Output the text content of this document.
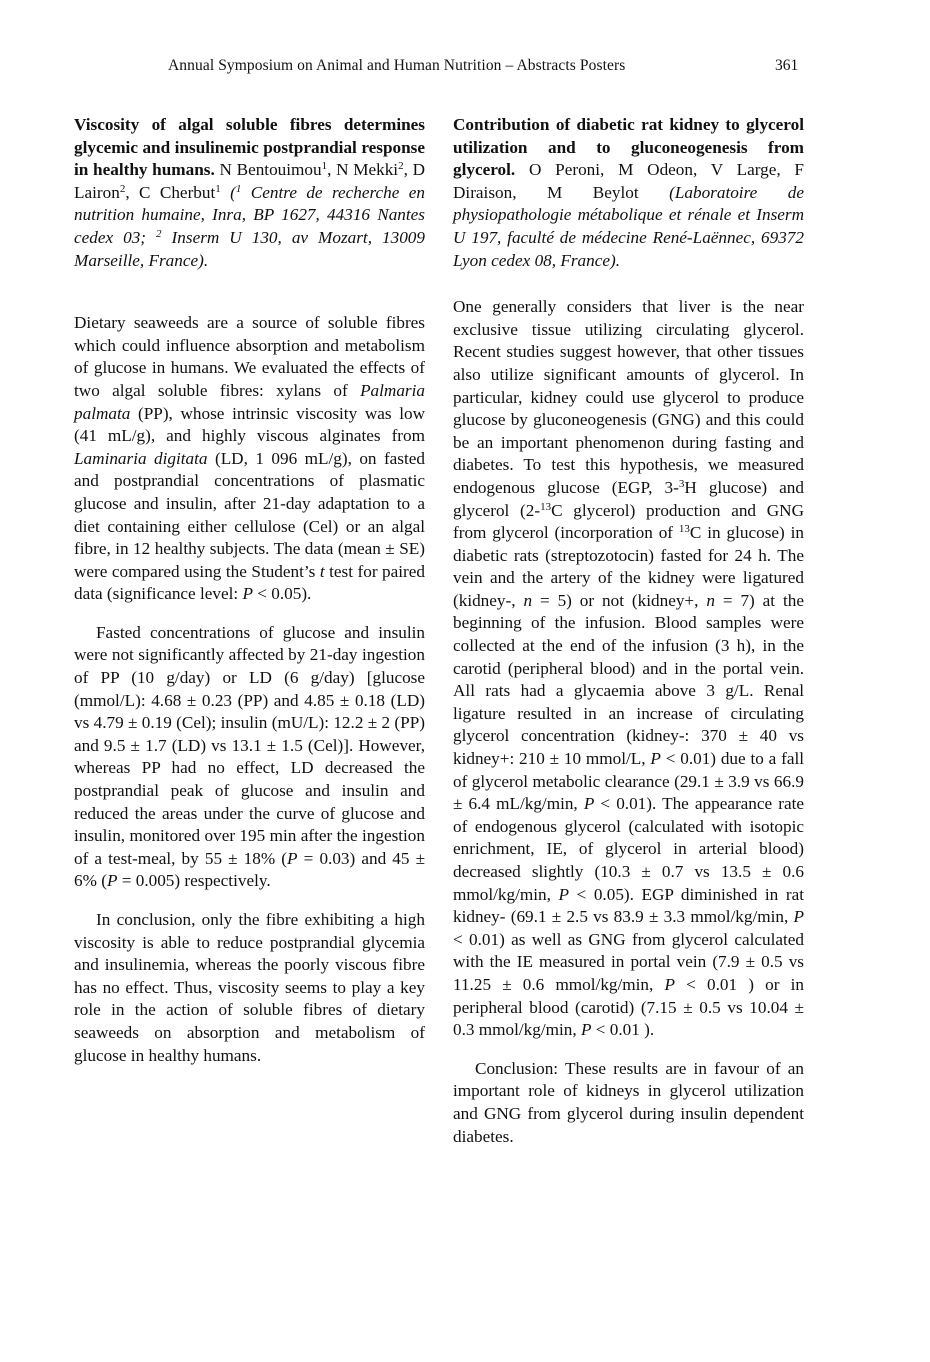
Annual Symposium on Animal and Human Nutrition – Abstracts Posters	361

Viscosity of algal soluble fibres determines glycemic and insulinemic postprandial response in healthy humans. N Bentouimou$^1$, N Mekki$^2$, D Lairon$^2$, C Cherbut$^1$ ($^1$ Centre de recherche en nutrition humaine, Inra, BP 1627, 44316 Nantes cedex 03; $^2$ Inserm U 130, av Mozart, 13009 Marseille, France).

Dietary seaweeds are a source of soluble fibres which could influence absorption and metabolism of glucose in humans. We evaluated the effects of two algal soluble fibres: xylans of Palmaria palmata (PP), whose intrinsic viscosity was low (41 mL/g), and highly viscous alginates from Laminaria digitata (LD, 1 096 mL/g), on fasted and postprandial concentrations of plasmatic glucose and insulin, after 21-day adaptation to a diet containing either cellulose (Cel) or an algal fibre, in 12 healthy subjects. The data (mean ± SE) were compared using the Student’s t test for paired data (significance level: P < 0.05).

Fasted concentrations of glucose and insulin were not significantly affected by 21-day ingestion of PP (10 g/day) or LD (6 g/day) [glucose (mmol/L): 4.68 ± 0.23 (PP) and 4.85 ± 0.18 (LD) vs 4.79 ± 0.19 (Cel); insulin (mU/L): 12.2 ± 2 (PP) and 9.5 ± 1.7 (LD) vs 13.1 ± 1.5 (Cel)]. However, whereas PP had no effect, LD decreased the postprandial peak of glucose and insulin and reduced the areas under the curve of glucose and insulin, monitored over 195 min after the ingestion of a test-meal, by 55 ± 18% (P = 0.03) and 45 ± 6% (P = 0.005) respectively.

In conclusion, only the fibre exhibiting a high viscosity is able to reduce postprandial glycemia and insulinemia, whereas the poorly viscous fibre has no effect. Thus, viscosity seems to play a key role in the action of soluble fibres of dietary seaweeds on absorption and metabolism of glucose in healthy humans.

Contribution of diabetic rat kidney to glycerol utilization and to gluconeogenesis from glycerol. O Peroni, M Odeon, V Large, F Diraison, M Beylot (Laboratoire de physiopathologie métabolique et rénale et Inserm U 197, faculté de médecine René-Laënnec, 69372 Lyon cedex 08, France).

One generally considers that liver is the near exclusive tissue utilizing circulating glycerol. Recent studies suggest however, that other tissues also utilize significant amounts of glycerol. In particular, kidney could use glycerol to produce glucose by gluconeogenesis (GNG) and this could be an important phenomenon during fasting and diabetes. To test this hypothesis, we measured endogenous glucose (EGP, 3-$^3$H glucose) and glycerol (2-$^{13}$C glycerol) production and GNG from glycerol (incorporation of $^{13}$C in glucose) in diabetic rats (streptozotocin) fasted for 24 h. The vein and the artery of the kidney were ligatured (kidney-, n = 5) or not (kidney+, n = 7) at the beginning of the infusion. Blood samples were collected at the end of the infusion (3 h), in the carotid (peripheral blood) and in the portal vein. All rats had a glycaemia above 3 g/L. Renal ligature resulted in an increase of circulating glycerol concentration (kidney-: 370 ± 40 vs kidney+: 210 ± 10 mmol/L, P < 0.01) due to a fall of glycerol metabolic clearance (29.1 ± 3.9 vs 66.9 ± 6.4 mL/kg/min, P < 0.01). The appearance rate of endogenous glycerol (calculated with isotopic enrichment, IE, of glycerol in arterial blood) decreased slightly (10.3 ± 0.7 vs 13.5 ± 0.6 mmol/kg/min, P < 0.05). EGP diminished in rat kidney- (69.1 ± 2.5 vs 83.9 ± 3.3 mmol/kg/min, P < 0.01) as well as GNG from glycerol calculated with the IE measured in portal vein (7.9 ± 0.5 vs 11.25 ± 0.6 mmol/kg/min, P < 0.01 ) or in peripheral blood (carotid) (7.15 ± 0.5 vs 10.04 ± 0.3 mmol/kg/min, P < 0.01 ).

Conclusion: These results are in favour of an important role of kidneys in glycerol utilization and GNG from glycerol during insulin dependent diabetes.
